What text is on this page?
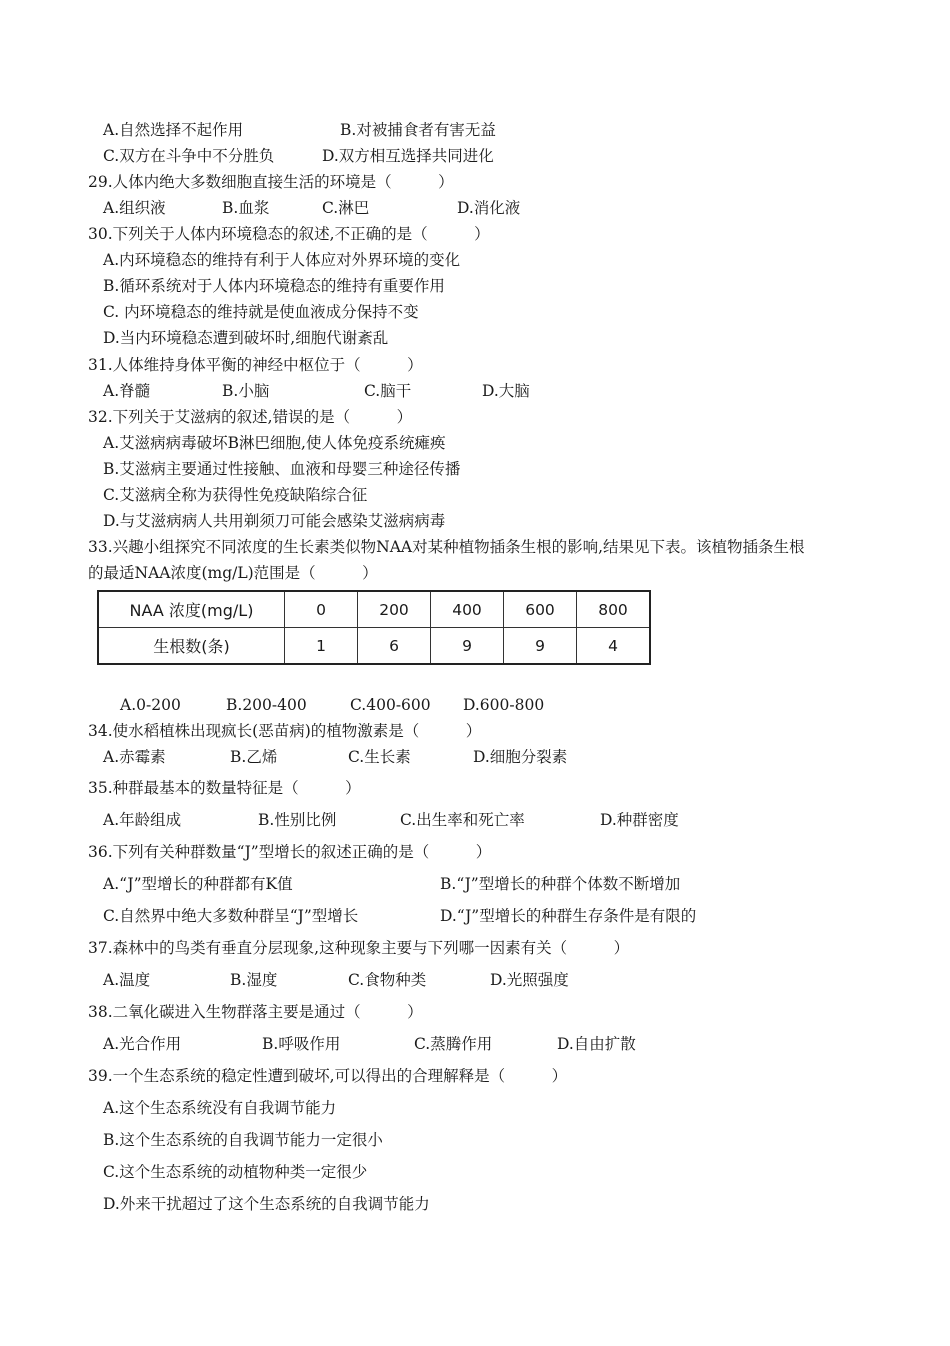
A.自然选择不起作用	B.对被捕食者有害无益
C.双方在斗争中不分胜负	D.双方相互选择共同进化
29.人体内绝大多数细胞直接生活的环境是（　　　）
A.组织液	B.血浆	C.淋巴	D.消化液
30.下列关于人体内环境稳态的叙述,不正确的是（　　　）
A.内环境稳态的维持有利于人体应对外界环境的变化
B.循环系统对于人体内环境稳态的维持有重要作用
C. 内环境稳态的维持就是使血液成分保持不变
D.当内环境稳态遭到破坏时,细胞代谢紊乱
31.人体维持身体平衡的神经中枢位于（　　　）
A.脊髓	B.小脑	C.脑干	D.大脑
32.下列关于艾滋病的叙述,错误的是（　　　）
A.艾滋病病毒破坏B淋巴细胞,使人体免疫系统瘫痪
B.艾滋病主要通过性接触、血液和母婴三种途径传播
C.艾滋病全称为获得性免疫缺陷综合征
D.与艾滋病病人共用剃须刀可能会感染艾滋病病毒
33.兴趣小组探究不同浓度的生长素类似物NAA对某种植物插条生根的影响,结果见下表。该植物插条生根
的最适NAA浓度(mg/L)范围是（　　　）
NAA 浓度(mg/L)	0	200	400	600	800
生根数(条)	1	6	9	9	4
A.0-200	B.200-400	C.400-600 D.600-800
34.使水稻植株出现疯长(恶苗病)的植物激素是（　　　）
A.赤霉素	B.乙烯	C.生长素	D.细胞分裂素
35.种群最基本的数量特征是（　　　）
A.年龄组成	B.性别比例	C.出生率和死亡率	D.种群密度
36.下列有关种群数量“J”型增长的叙述正确的是（　　　）
A.“J”型增长的种群都有K值	B.“J”型增长的种群个体数不断增加
C.自然界中绝大多数种群呈“J”型增长	D.“J”型增长的种群生存条件是有限的
37.森林中的鸟类有垂直分层现象,这种现象主要与下列哪一因素有关（　　　）
A.温度	B.湿度	C.食物种类	D.光照强度
38.二氧化碳进入生物群落主要是通过（　　　）
A.光合作用	B.呼吸作用	C.蒸腾作用	D.自由扩散
39.一个生态系统的稳定性遭到破坏,可以得出的合理解释是（　　　）
A.这个生态系统没有自我调节能力
B.这个生态系统的自我调节能力一定很小
C.这个生态系统的动植物种类一定很少
D.外来干扰超过了这个生态系统的自我调节能力
